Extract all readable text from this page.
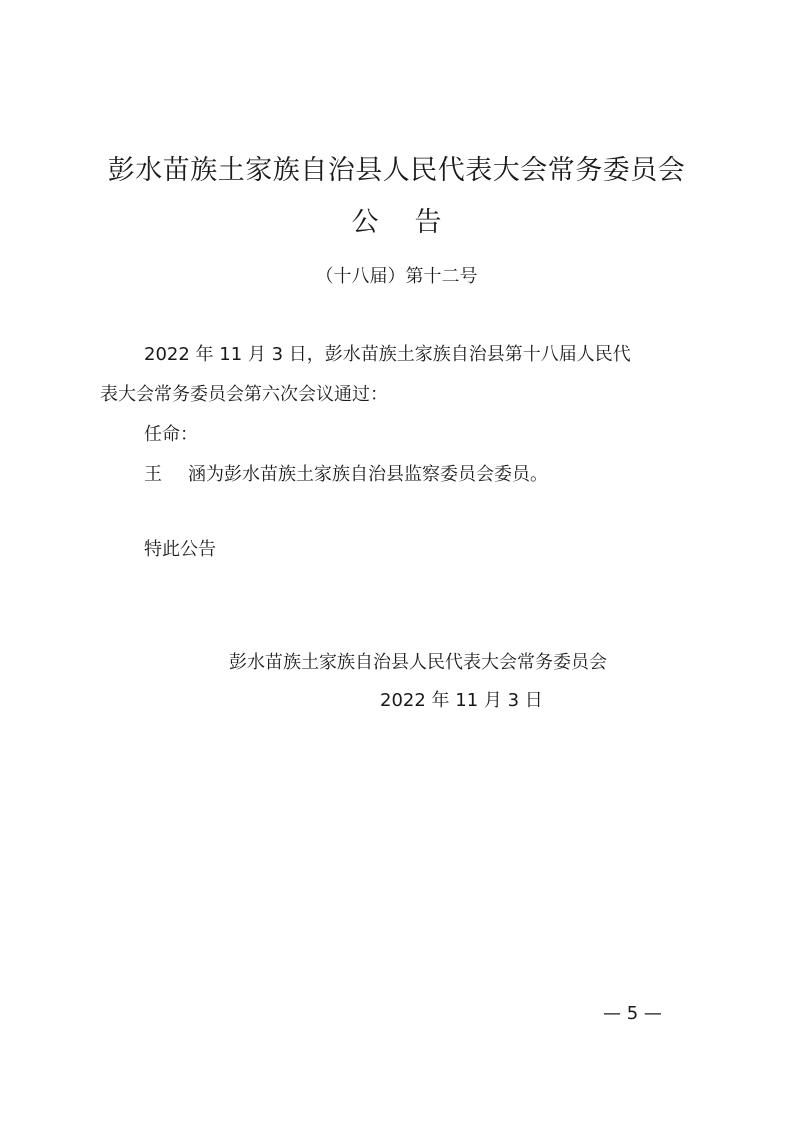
彭水苗族土家族自治县人民代表大会常务委员会
公告
（十八届）第十二号
2022 年 11 月 3 日，彭水苗族土家族自治县第十八届人民代
表大会常务委员会第六次会议通过：
任命：
王 涵为彭水苗族土家族自治县监察委员会委员。
特此公告
彭水苗族土家族自治县人民代表大会常务委员会
2022 年 11 月 3 日
— 5 —
